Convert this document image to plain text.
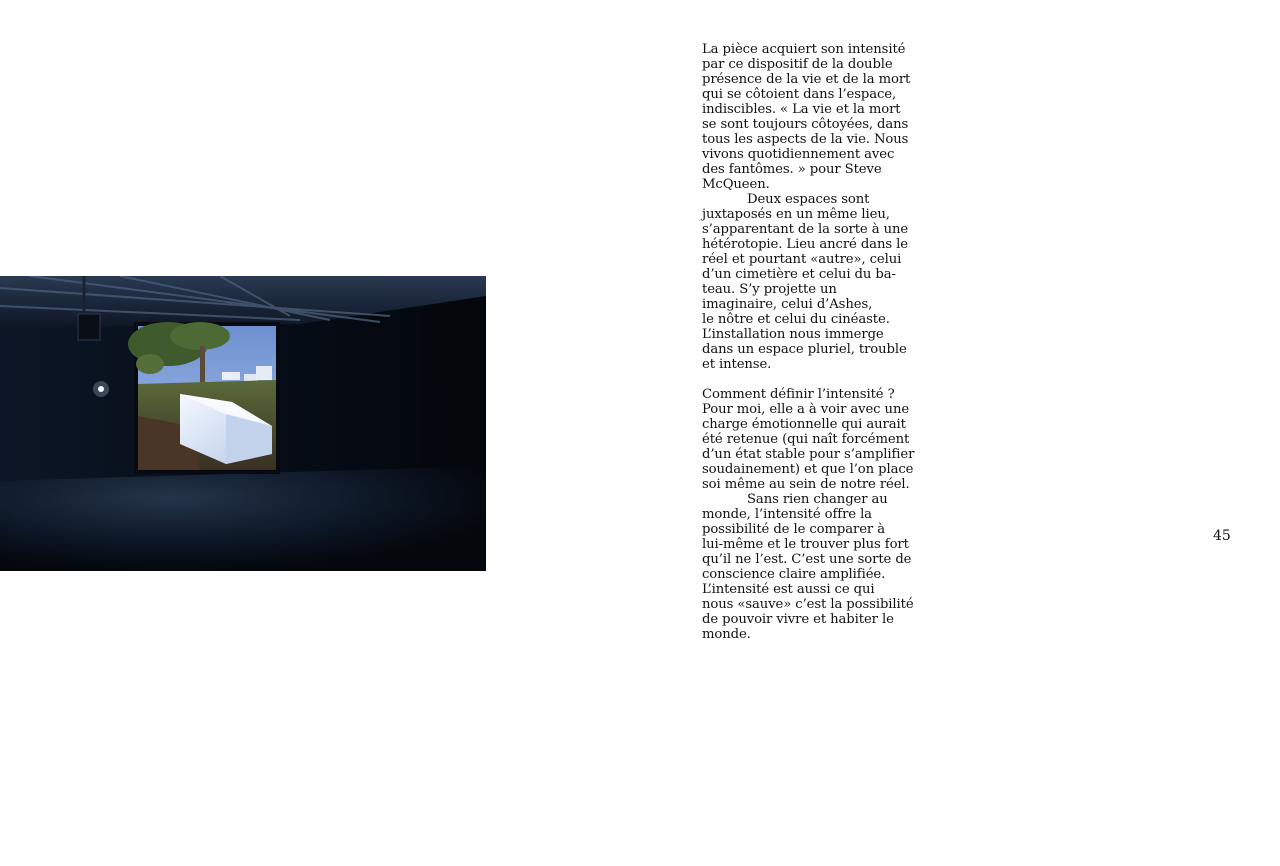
La pièce acquiert son intensité
par ce dispositif de la double
présence de la vie et de la mort
qui se côtoient dans l’espace,
indiscibles. « La vie et la mort
se sont toujours côtoyées, dans
tous les aspects de la vie. Nous
vivons quotidiennement avec
des fantômes. » pour Steve
McQueen.
Deux espaces sont
juxtaposés en un même lieu,
s’apparentant de la sorte à une
hétérotopie. Lieu ancré dans le
réel et pourtant «autre», celui
d’un cimetière et celui du ba-
teau. S’y projette un
imaginaire, celui d’Ashes,
le nôtre et celui du cinéaste.
L’installation nous immerge
dans un espace pluriel, trouble
et intense.
Comment définir l’intensité ?
Pour moi, elle a à voir avec une
charge émotionnelle qui aurait
été retenue (qui naît forcément
d’un état stable pour s’amplifier
soudainement) et que l’on place
soi même au sein de notre réel.
Sans rien changer au
monde, l’intensité offre la
possibilité de le comparer à
lui-même et le trouver plus fort
qu’il ne l’est. C’est une sorte de
conscience claire amplifiée.
L’intensité est aussi ce qui
nous «sauve» c’est la possibilité
de pouvoir vivre et habiter le
monde.
45
